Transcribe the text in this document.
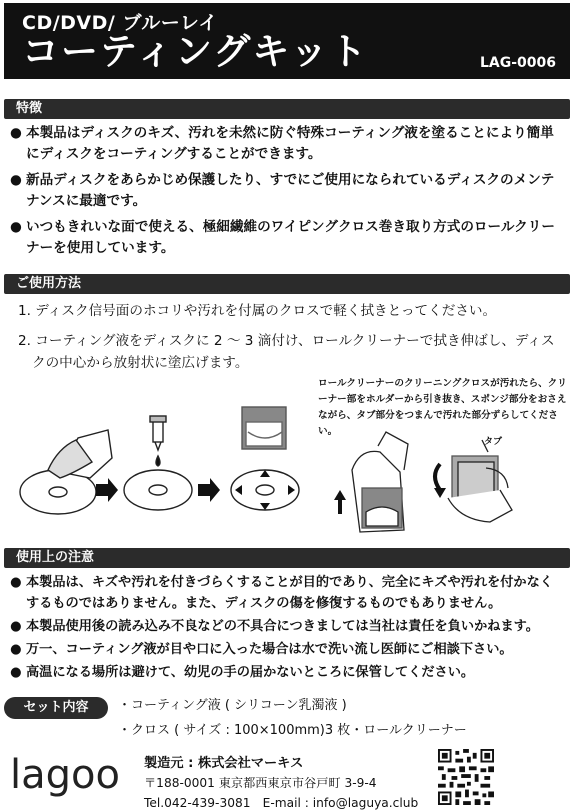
CD/DVD/ ブルーレイ
コーティングキット	LAG-0006
特徴
● 本製品はディスクのキズ、汚れを未然に防ぐ特殊コーティング液を塗ることにより簡単にディスクをコーティングすることができます。
● 新品ディスクをあらかじめ保護したり、すでにご使用になられているディスクのメンテナンスに最適です。
● いつもきれいな面で使える、極細繊維のワイピングクロス巻き取り方式のロールクリーナーを使用しています。
ご使用方法
1. ディスク信号面のホコリや汚れを付属のクロスで軽く拭きとってください。
2. コーティング液をディスクに 2 ～ 3 滴付け、ロールクリーナーで拭き伸ばし、ディスクの中心から放射状に塗広げます。
ロールクリーナーのクリーニングクロスが汚れたら、クリーナー部をホルダーから引き抜き、スポンジ部分をおさえながら、タブ部分をつまんで汚れた部分ずらしてください。
タブ
使用上の注意
● 本製品は、キズや汚れを付きづらくすることが目的であり、完全にキズや汚れを付かなくするものではありません。また、ディスクの傷を修復するものでもありません。
● 本製品使用後の読み込み不良などの不具合につきましては当社は責任を負いかねます。
● 万一、コーティング液が目や口に入った場合は水で洗い流し医師にご相談下さい。
● 高温になる場所は避けて、幼児の手の届かないところに保管してください。
セット内容
・	コーティング液 ( シリコーン乳濁液 )
・ クロス ( サイズ : 100×100mm)3 枚・ロールクリーナー
lagoo 製造元 : 株式会社マーキス
〒188-0001 東京都西東京市谷戸町 3-9-4
Tel.042-439-3081　E-mail : info@laguya.club
